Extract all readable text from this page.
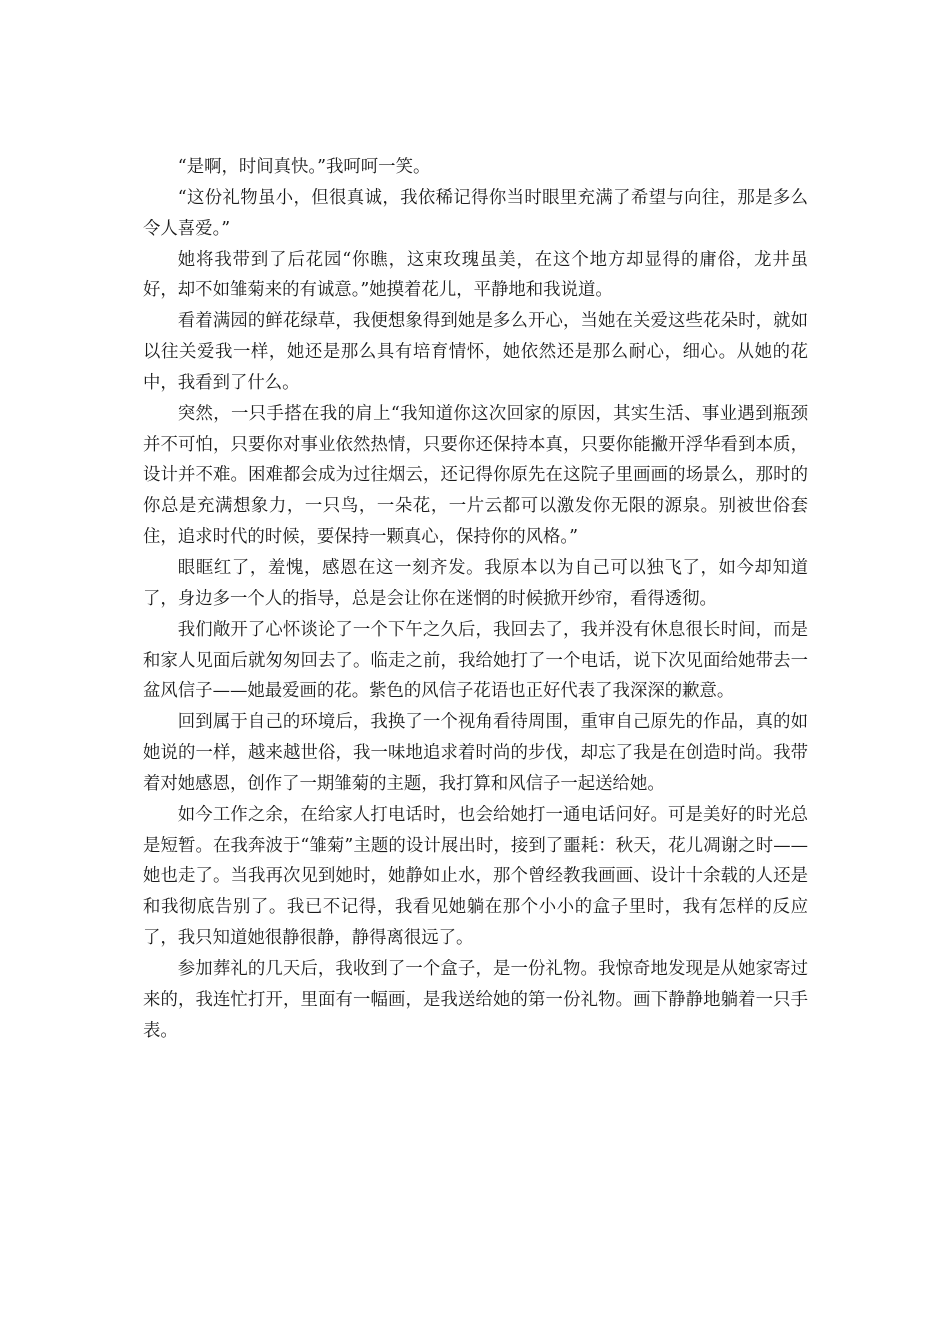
“是啊，时间真快。”我呵呵一笑。

“这份礼物虽小，但很真诚，我依稀记得你当时眼里充满了希望与向往，那是多么令人喜爱。”

她将我带到了后花园“你瞧，这束玫瑰虽美，在这个地方却显得的庸俗，龙井虽好，却不如雏菊来的有诚意。”她摸着花儿，平静地和我说道。

看着满园的鲜花绿草，我便想象得到她是多么开心，当她在关爱这些花朵时，就如以往关爱我一样，她还是那么具有培育情怀，她依然还是那么耐心，细心。从她的花中，我看到了什么。

突然，一只手搭在我的肩上“我知道你这次回家的原因，其实生活、事业遇到瓶颈并不可怕，只要你对事业依然热情，只要你还保持本真，只要你能撇开浮华看到本质，设计并不难。困难都会成为过往烟云，还记得你原先在这院子里画画的场景么，那时的你总是充满想象力，一只鸟，一朵花，一片云都可以激发你无限的源泉。别被世俗套住，追求时代的时候，要保持一颗真心，保持你的风格。”

眼眶红了，羞愧，感恩在这一刻齐发。我原本以为自己可以独飞了，如今却知道了，身边多一个人的指导，总是会让你在迷惘的时候掀开纱帘，看得透彻。

我们敞开了心怀谈论了一个下午之久后，我回去了，我并没有休息很长时间，而是和家人见面后就匆匆回去了。临走之前，我给她打了一个电话，说下次见面给她带去一盆风信子——她最爱画的花。紫色的风信子花语也正好代表了我深深的歉意。

回到属于自己的环境后，我换了一个视角看待周围，重审自己原先的作品，真的如她说的一样，越来越世俗，我一味地追求着时尚的步伐，却忘了我是在创造时尚。我带着对她感恩，创作了一期雏菊的主题，我打算和风信子一起送给她。

如今工作之余，在给家人打电话时，也会给她打一通电话问好。可是美好的时光总是短暂。在我奔波于“雏菊”主题的设计展出时，接到了噩耗：秋天，花儿凋谢之时——她也走了。当我再次见到她时，她静如止水，那个曾经教我画画、设计十余载的人还是和我彻底告别了。我已不记得，我看见她躺在那个小小的盒子里时，我有怎样的反应了，我只知道她很静很静，静得离很远了。

参加葬礼的几天后，我收到了一个盒子，是一份礼物。我惊奇地发现是从她家寄过来的，我连忙打开，里面有一幅画，是我送给她的第一份礼物。画下静静地躺着一只手表。
